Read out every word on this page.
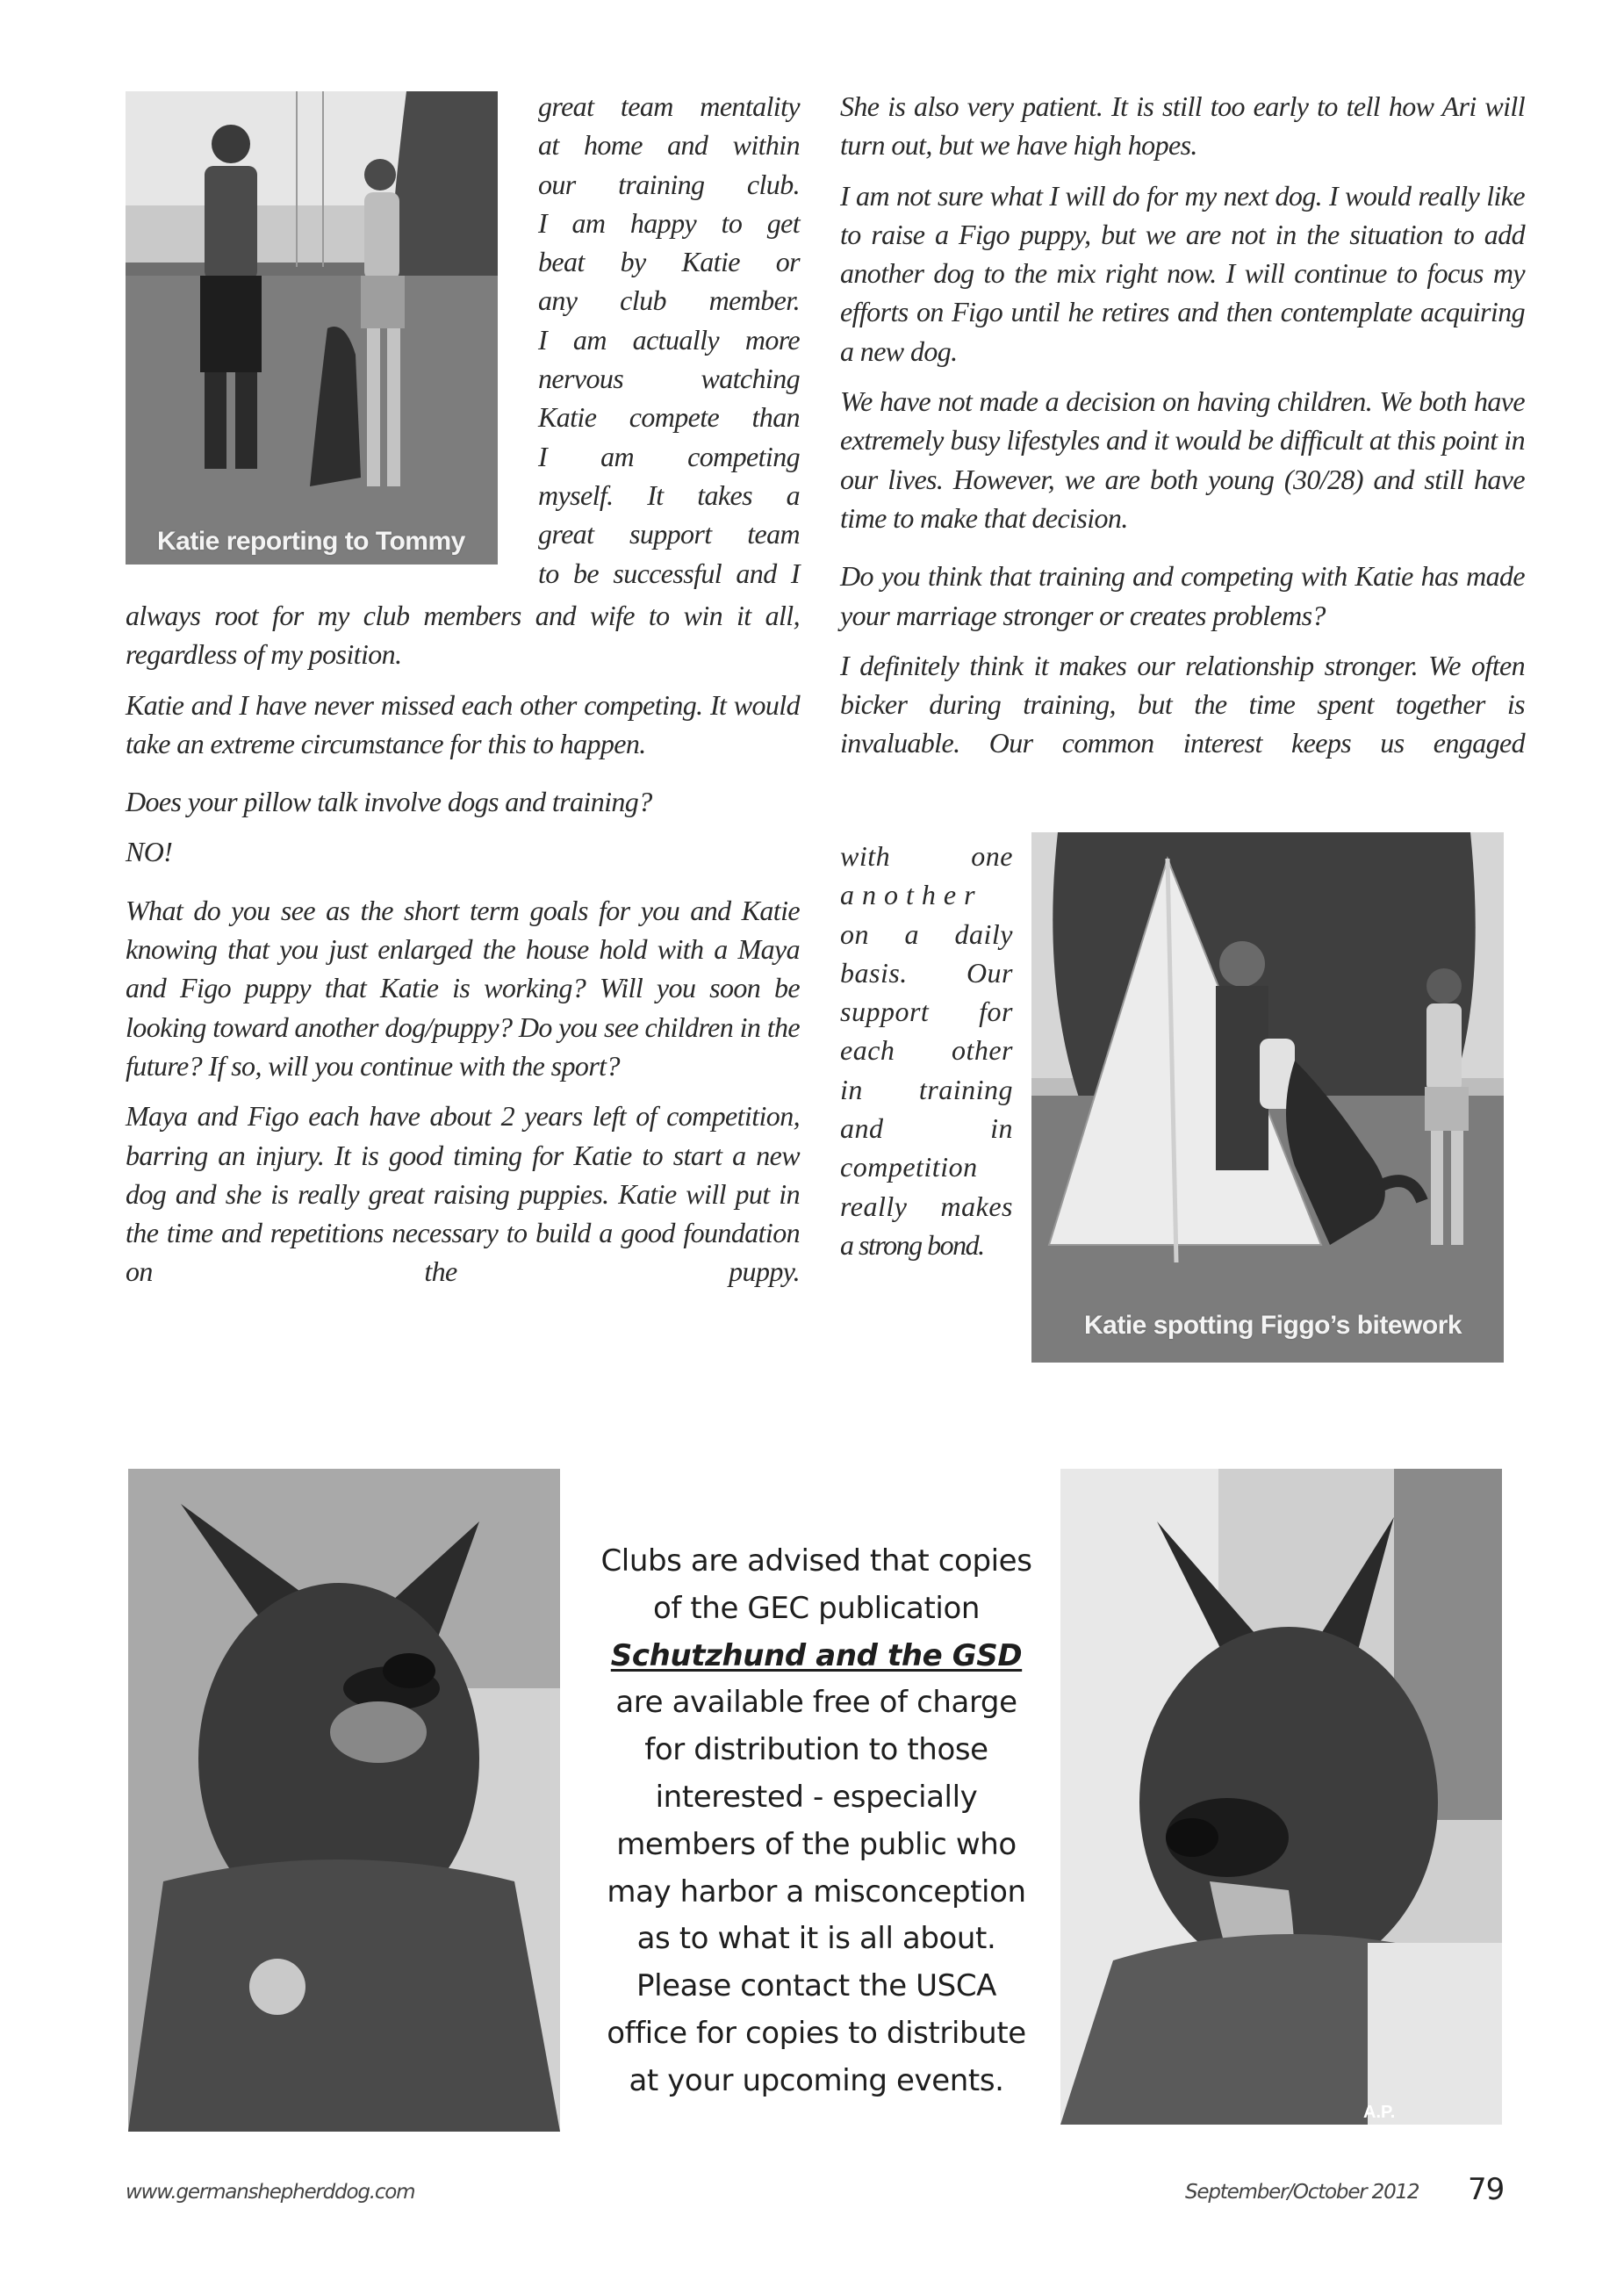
Katie reporting to Tommy
great team mentality
at home and within
our training club.
I am happy to get
beat by Katie or
any club member.
I am actually more
nervous watching
Katie compete than
I am competing
myself. It takes a
great support team
to be successful and I

always root for my club members and wife to win it all, regardless of my position.

Katie and I have never missed each other competing. It would take an extreme circumstance for this to happen.

Does your pillow talk involve dogs and training?

NO!

What do you see as the short term goals for you and Katie knowing that you just enlarged the house hold with a Maya and Figo puppy that Katie is working? Will you soon be looking toward another dog/puppy? Do you see children in the future? If so, will you continue with the sport?

Maya and Figo each have about 2 years left of competition, barring an injury. It is good timing for Katie to start a new dog and she is really great raising puppies. Katie will put in the time and repetitions necessary to build a good foundation on the puppy.

She is also very patient. It is still too early to tell how Ari will turn out, but we have high hopes.

I am not sure what I will do for my next dog. I would really like to raise a Figo puppy, but we are not in the situation to add another dog to the mix right now. I will continue to focus my efforts on Figo until he retires and then contemplate acquiring a new dog.

We have not made a decision on having children. We both have extremely busy lifestyles and it would be difficult at this point in our lives. However, we are both young (30/28) and still have time to make that decision.

Do you think that training and competing with Katie has made your marriage stronger or creates problems?

I definitely think it makes our relationship stronger. We often bicker during training, but the time spent together is invaluable. Our common interest keeps us engaged

with one
another
on a daily
basis. Our
support for
each other
in training
and in
competition
really makes
a strong bond.
Katie spotting Figgo’s bitework
Clubs are advised that copies
of the GEC publication
Schutzhund and the GSD
are available free of charge
for distribution to those
interested - especially
members of the public who
may harbor a misconception
as to what it is all about.
Please contact the USCA
office for copies to distribute
at your upcoming events.
A.P.
www.germanshepherddog.com	September/October 2012 79
